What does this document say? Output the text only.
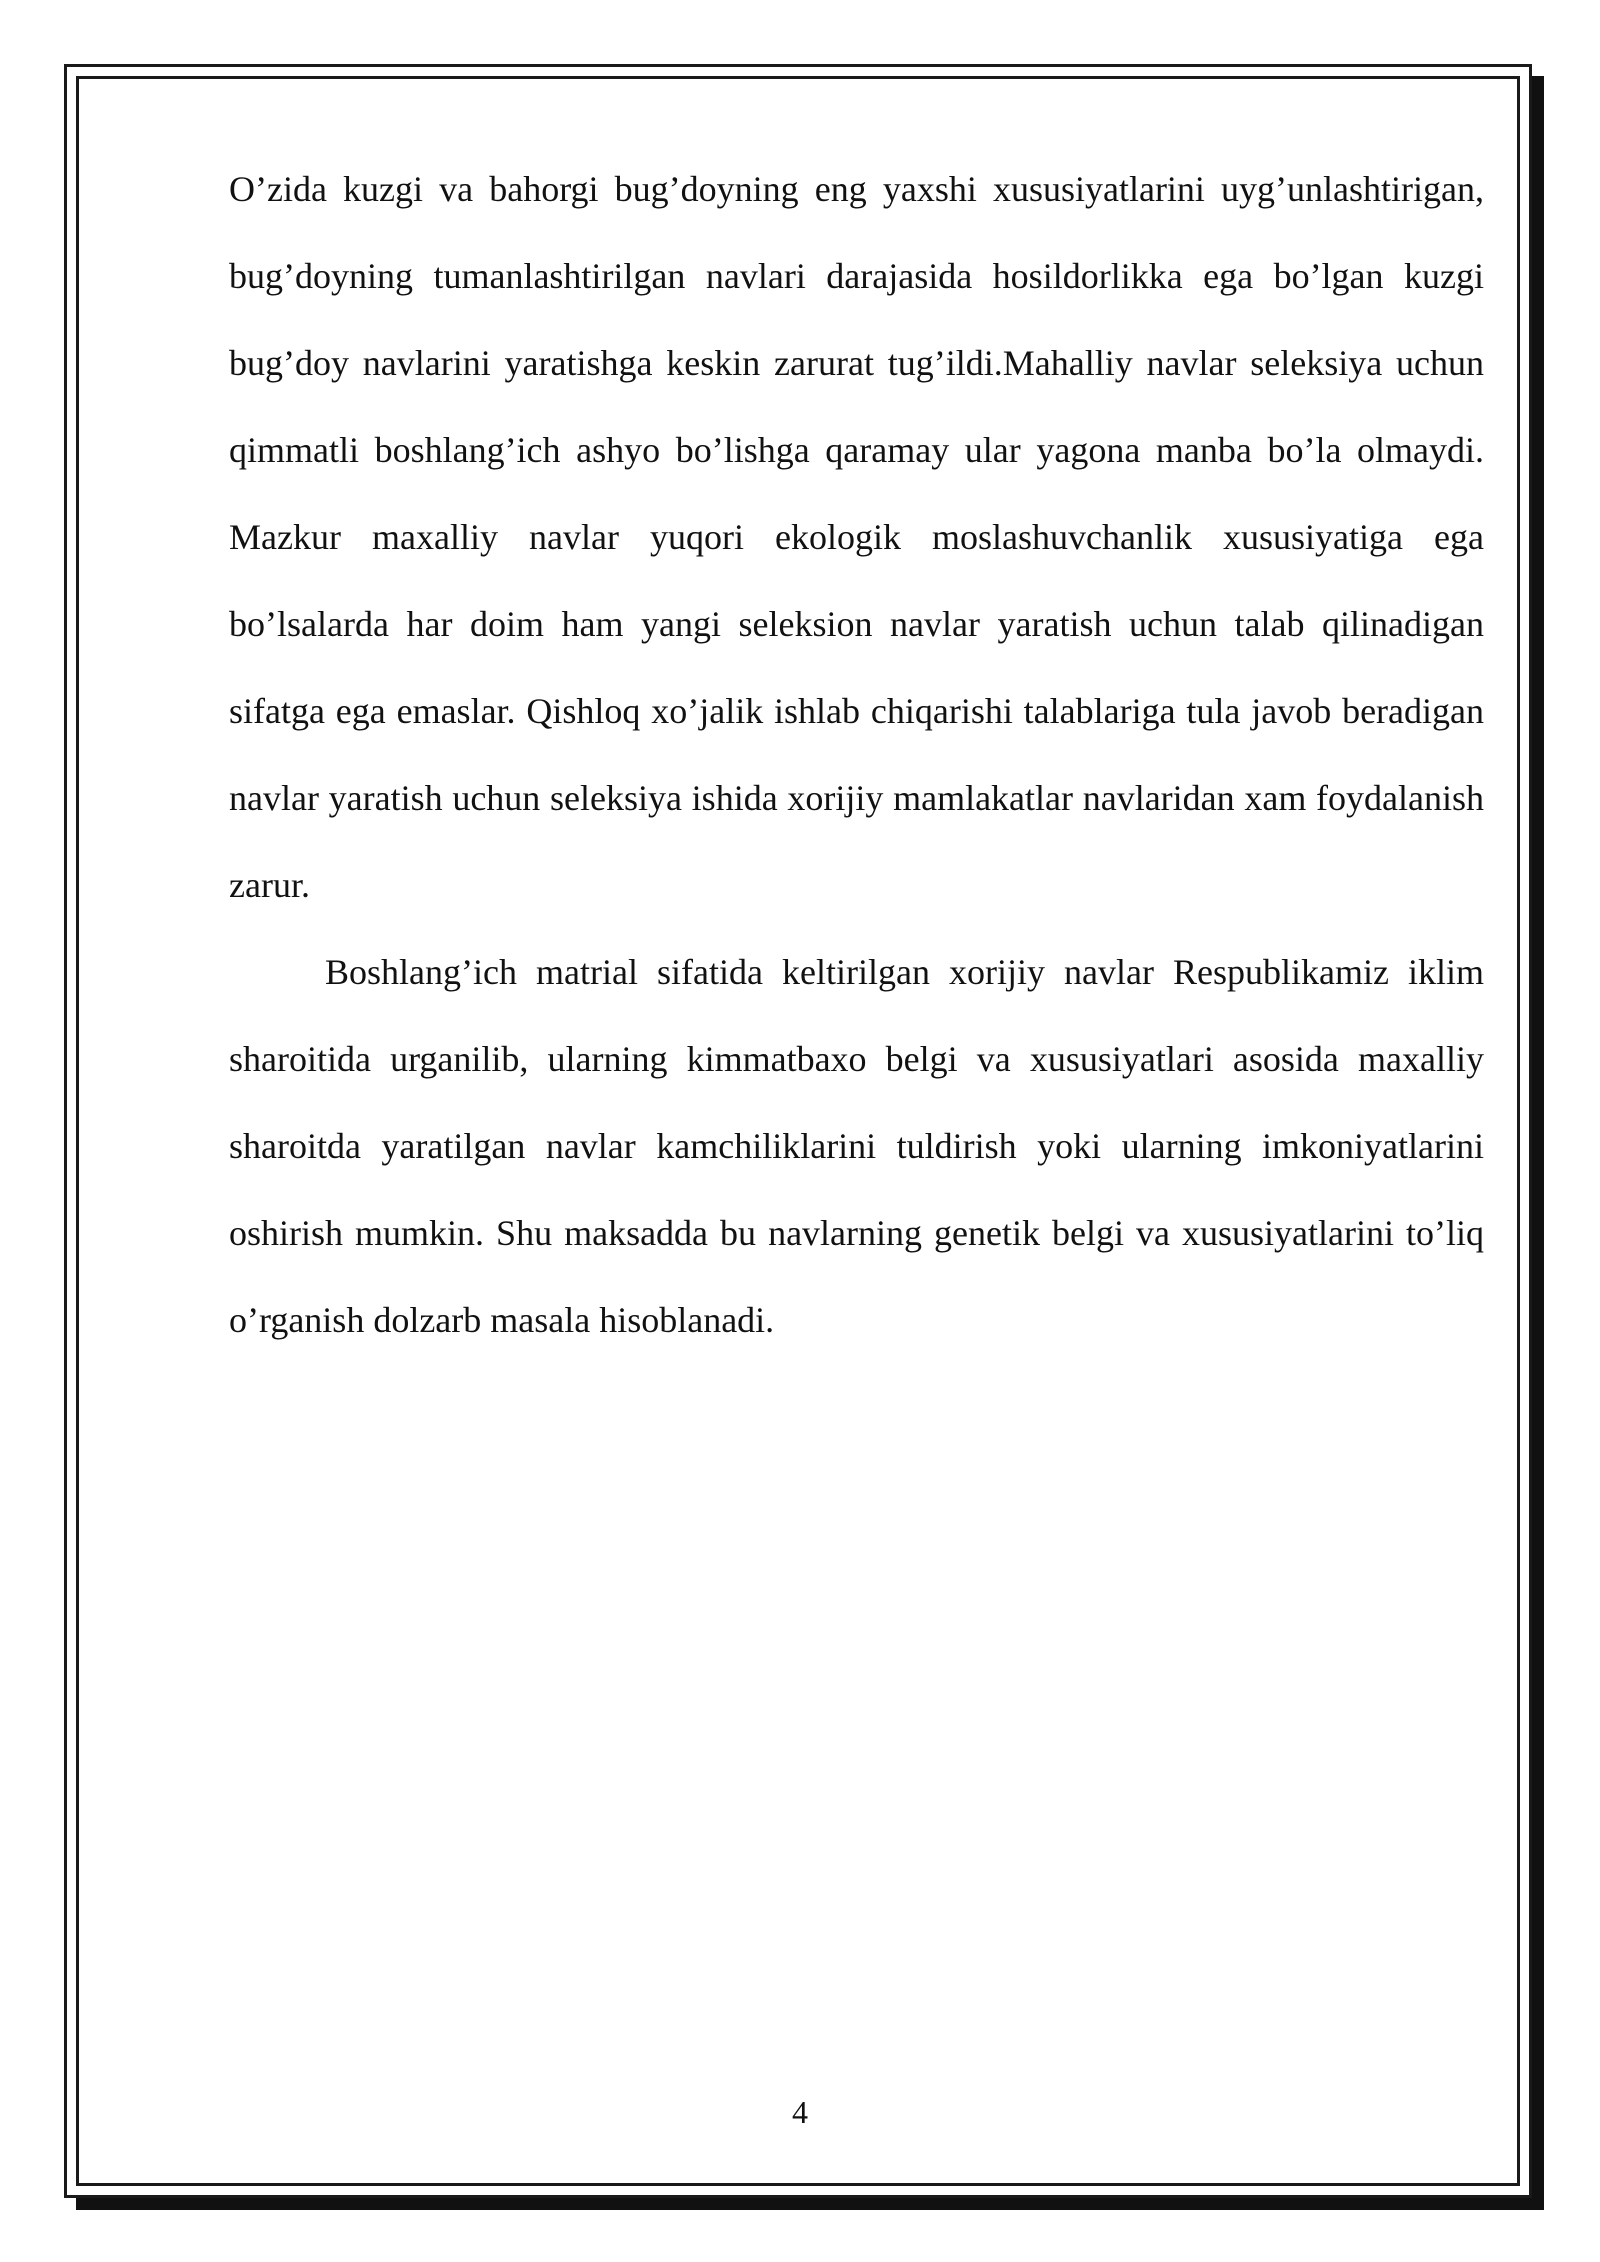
O’zida kuzgi va bahorgi bug’doyning eng yaxshi xususiyatlarini uyg’unlashtirigan, bug’doyning tumanlashtirilgan navlari darajasida hosildorlikka ega bo’lgan kuzgi bug’doy navlarini yaratishga keskin zarurat tug’ildi.Mahalliy navlar seleksiya uchun qimmatli boshlang’ich ashyo bo’lishga qaramay ular yagona manba bo’la olmaydi. Mazkur maxalliy navlar yuqori ekologik moslashuvchanlik xususiyatiga ega bo’lsalarda har doim ham yangi seleksion navlar yaratish uchun talab qilinadigan sifatga ega emaslar. Qishloq xo’jalik ishlab chiqarishi talablariga tula javob beradigan navlar yaratish uchun seleksiya ishida xorijiy mamlakatlar navlaridan xam foydalanish zarur.

Boshlang’ich matrial sifatida keltirilgan xorijiy navlar Respublikamiz iklim sharoitida urganilib, ularning kimmatbaxo belgi va xususiyatlari asosida maxalliy sharoitda yaratilgan navlar kamchiliklarini tuldirish yoki ularning imkoniyatlarini oshirish mumkin. Shu maksadda bu navlarning genetik belgi va xususiyatlarini to’liq o’rganish dolzarb masala hisoblanadi.

4
